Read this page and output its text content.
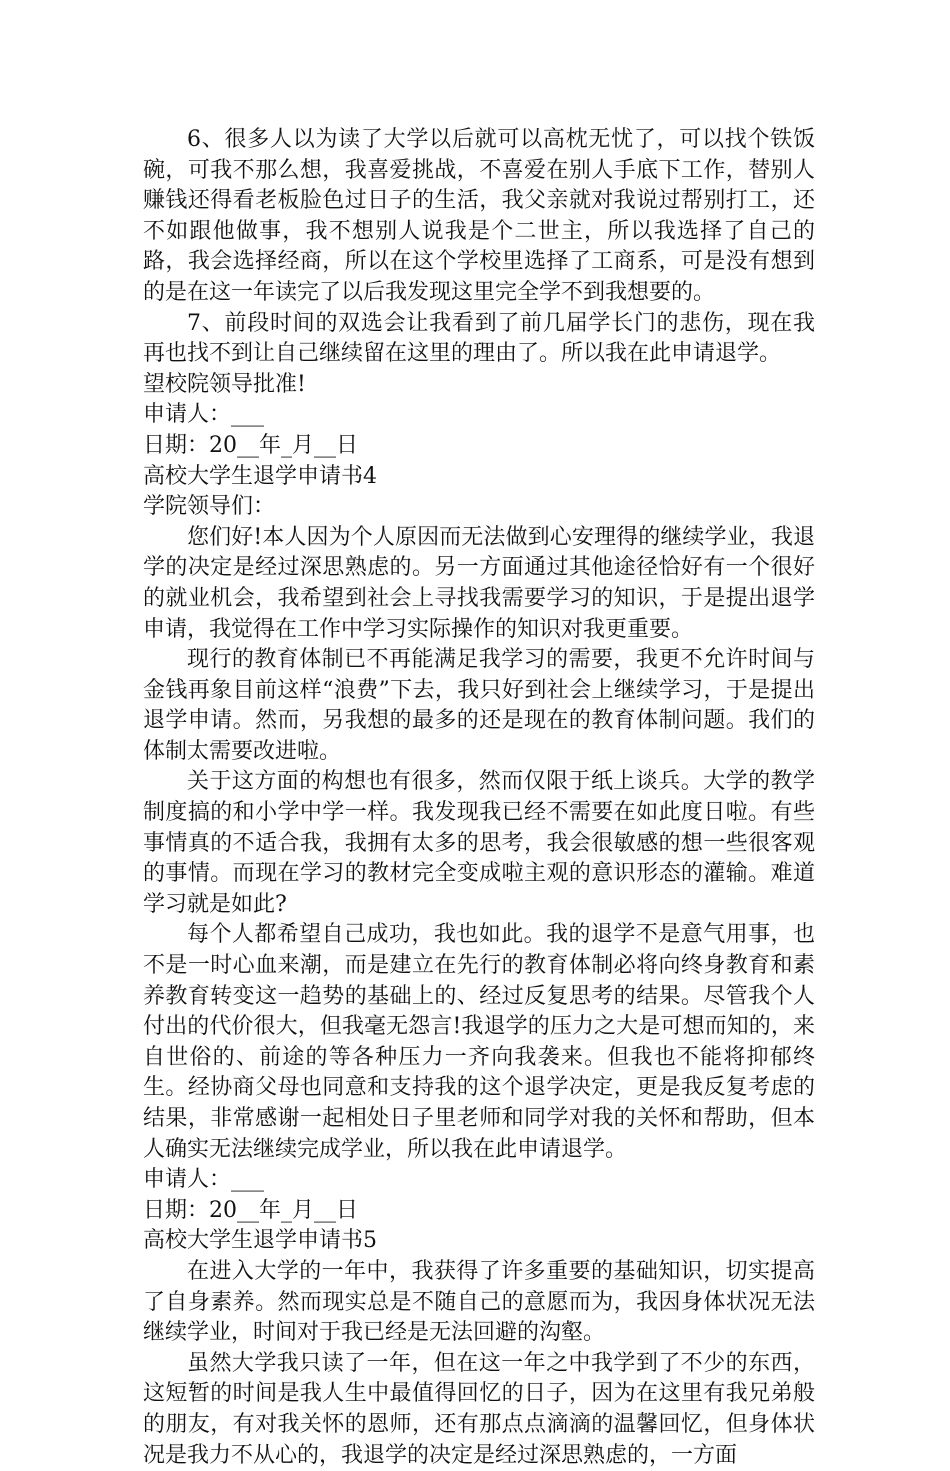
6、很多人以为读了大学以后就可以高枕无忧了，可以找个铁饭碗，可我不那么想，我喜爱挑战，不喜爱在别人手底下工作，替别人赚钱还得看老板脸色过日子的生活，我父亲就对我说过帮别打工，还不如跟他做事，我不想别人说我是个二世主，所以我选择了自己的路，我会选择经商，所以在这个学校里选择了工商系，可是没有想到的是在这一年读完了以后我发现这里完全学不到我想要的。

7、前段时间的双选会让我看到了前几届学长门的悲伤，现在我再也找不到让自己继续留在这里的理由了。所以我在此申请退学。

望校院领导批准!

申请人：___

日期：20__年_月__日

高校大学生退学申请书4

学院领导们：

您们好!本人因为个人原因而无法做到心安理得的继续学业，我退学的决定是经过深思熟虑的。另一方面通过其他途径恰好有一个很好的就业机会，我希望到社会上寻找我需要学习的知识，于是提出退学申请，我觉得在工作中学习实际操作的知识对我更重要。

现行的教育体制已不再能满足我学习的需要，我更不允许时间与金钱再象目前这样“浪费”下去，我只好到社会上继续学习，于是提出退学申请。然而，另我想的最多的还是现在的教育体制问题。我们的体制太需要改进啦。

关于这方面的构想也有很多，然而仅限于纸上谈兵。大学的教学制度搞的和小学中学一样。我发现我已经不需要在如此度日啦。有些事情真的不适合我，我拥有太多的思考，我会很敏感的想一些很客观的事情。而现在学习的教材完全变成啦主观的意识形态的灌输。难道学习就是如此?

每个人都希望自己成功，我也如此。我的退学不是意气用事，也不是一时心血来潮，而是建立在先行的教育体制必将向终身教育和素养教育转变这一趋势的基础上的、经过反复思考的结果。尽管我个人付出的代价很大，但我毫无怨言!我退学的压力之大是可想而知的，来自世俗的、前途的等各种压力一齐向我袭来。但我也不能将抑郁终生。经协商父母也同意和支持我的这个退学决定，更是我反复考虑的结果，非常感谢一起相处日子里老师和同学对我的关怀和帮助，但本人确实无法继续完成学业，所以我在此申请退学。

申请人：___

日期：20__年_月__日

高校大学生退学申请书5

在进入大学的一年中，我获得了许多重要的基础知识，切实提高了自身素养。然而现实总是不随自己的意愿而为，我因身体状况无法继续学业，时间对于我已经是无法回避的沟壑。

虽然大学我只读了一年，但在这一年之中我学到了不少的东西，这短暂的时间是我人生中最值得回忆的日子，因为在这里有我兄弟般的朋友，有对我关怀的恩师，还有那点点滴滴的温馨回忆，但身体状况是我力不从心的，我退学的决定是经过深思熟虑的，一方面
